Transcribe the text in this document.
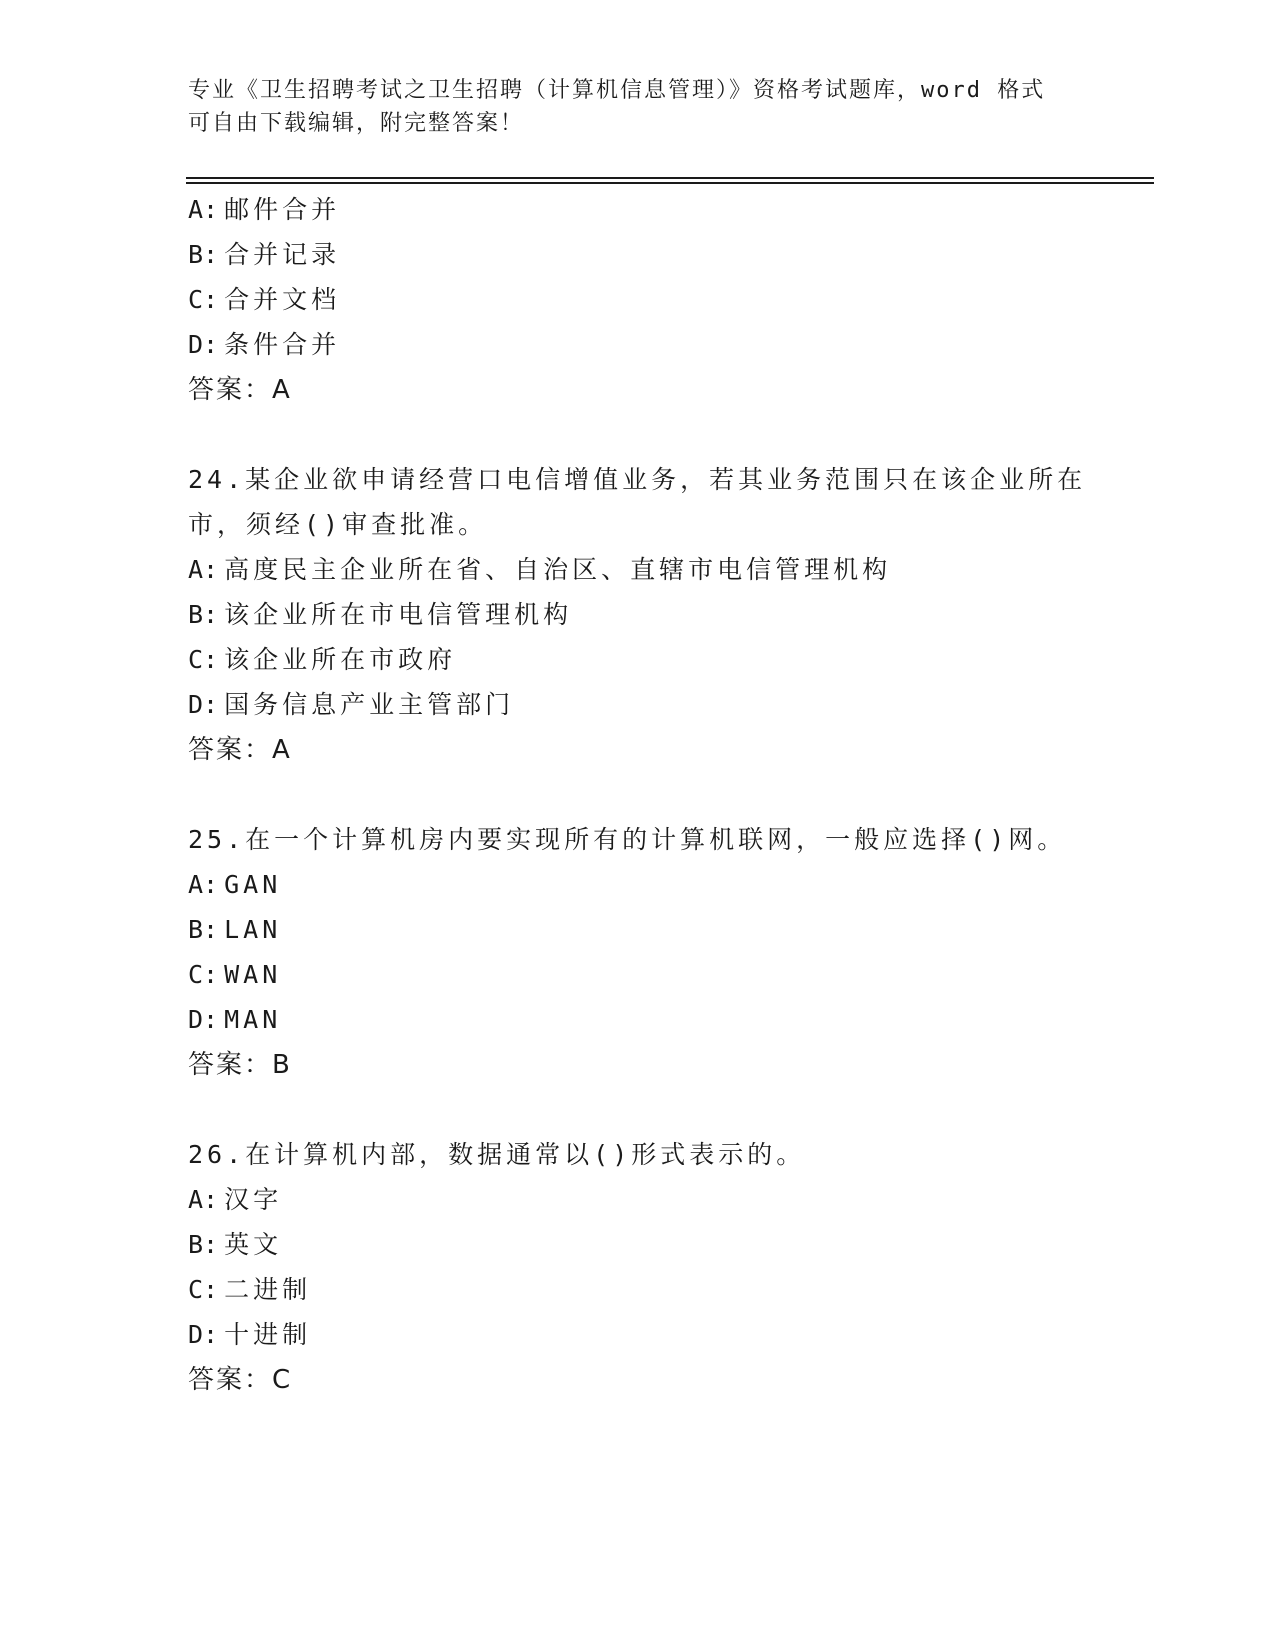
专业《卫生招聘考试之卫生招聘（计算机信息管理）》资格考试题库，word 格式
可自由下载编辑，附完整答案！
A: 邮件合并
B: 合并记录
C: 合并文档
D: 条件合并
答案：A
24.某企业欲申请经营口电信增值业务，若其业务范围只在该企业所在
市，须经()审查批准。
A: 高度民主企业所在省、自治区、直辖市电信管理机构
B: 该企业所在市电信管理机构
C: 该企业所在市政府
D: 国务信息产业主管部门
答案：A
25.在一个计算机房内要实现所有的计算机联网，一般应选择()网。
A: GAN
B: LAN
C: WAN
D: MAN
答案：B
26.在计算机内部，数据通常以()形式表示的。
A: 汉字
B: 英文
C: 二进制
D: 十进制
答案：C
